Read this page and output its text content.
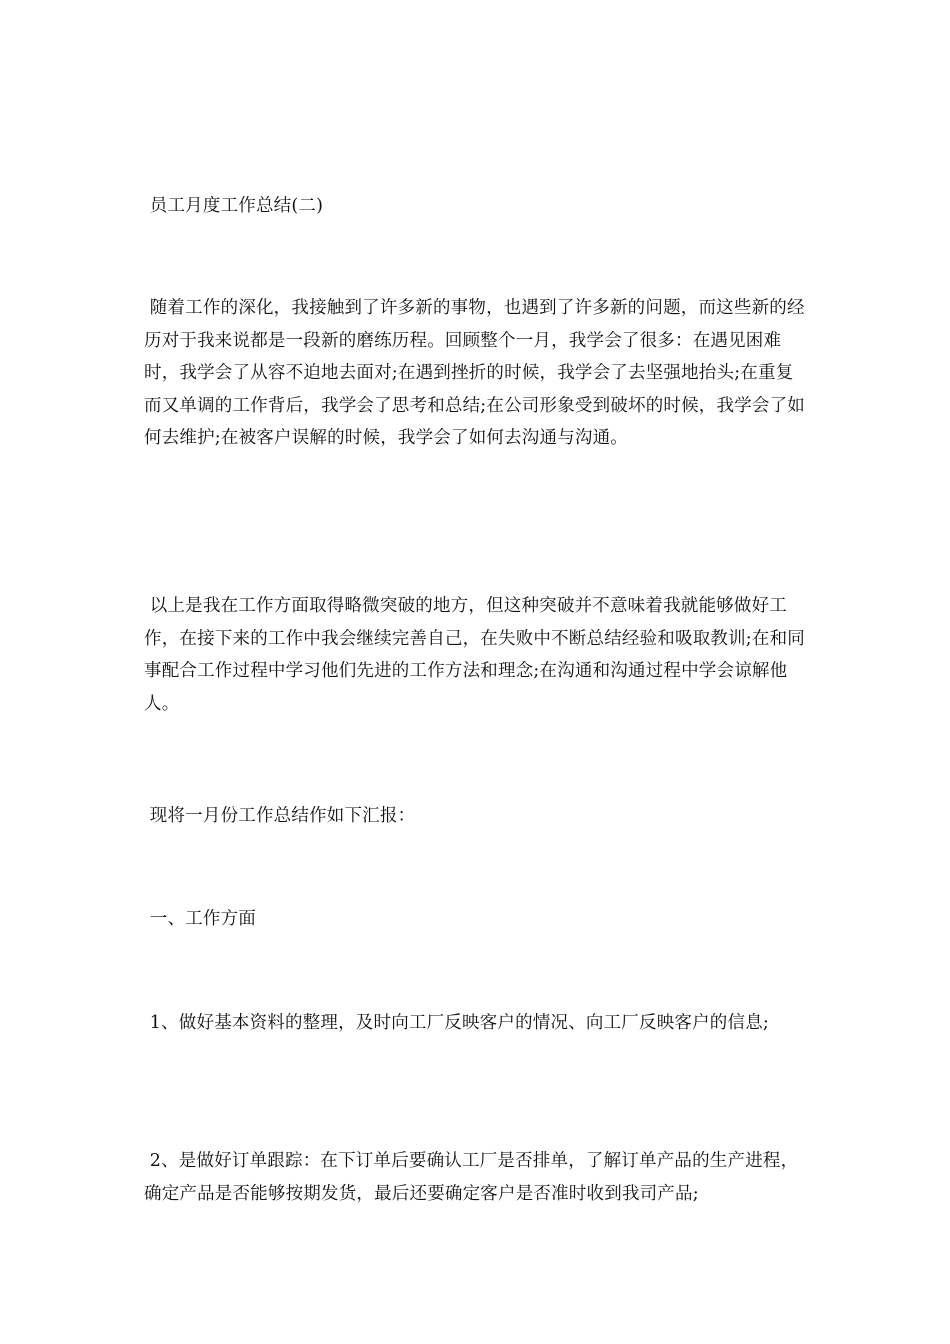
员工月度工作总结(二)

随着工作的深化，我接触到了许多新的事物，也遇到了许多新的问题，而这些新的经历对于我来说都是一段新的磨练历程。回顾整个一月，我学会了很多：在遇见困难时，我学会了从容不迫地去面对;在遇到挫折的时候，我学会了去坚强地抬头;在重复而又单调的工作背后，我学会了思考和总结;在公司形象受到破坏的时候，我学会了如何去维护;在被客户误解的时候，我学会了如何去沟通与沟通。

以上是我在工作方面取得略微突破的地方，但这种突破并不意味着我就能够做好工作，在接下来的工作中我会继续完善自己，在失败中不断总结经验和吸取教训;在和同事配合工作过程中学习他们先进的工作方法和理念;在沟通和沟通过程中学会谅解他人。

现将一月份工作总结作如下汇报：

一、工作方面

1、做好基本资料的整理，及时向工厂反映客户的情况、向工厂反映客户的信息;

2、是做好订单跟踪：在下订单后要确认工厂是否排单，了解订单产品的生产进程，确定产品是否能够按期发货，最后还要确定客户是否准时收到我司产品;
